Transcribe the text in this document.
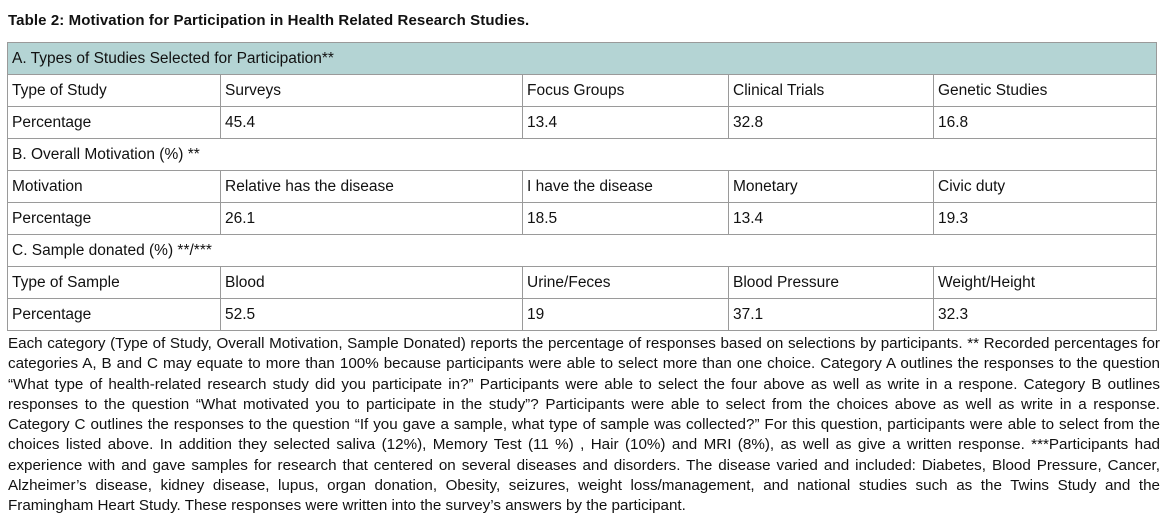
Table 2: Motivation for Participation in Health Related Research Studies.
A. Types of Studies Selected for Participation**				
Type of Study	Surveys	Focus Groups	Clinical Trials	Genetic Studies
Percentage	45.4	13.4	32.8	16.8
B. Overall Motivation (%) **				
Motivation	Relative has the disease	I have the disease	Monetary	Civic duty
Percentage	26.1	18.5	13.4	19.3
C. Sample donated (%) **/***				
Type of Sample	Blood	Urine/Feces	Blood Pressure	Weight/Height
Percentage	52.5	19	37.1	32.3
Each category (Type of Study, Overall Motivation, Sample Donated) reports the percentage of responses based on selections by participants. ** Recorded percentages for categories A, B and C may equate to more than 100% because participants were able to select more than one choice. Category A outlines the responses to the question “What type of health-related research study did you participate in?” Participants were able to select the four above as well as write in a respone. Category B outlines responses to the question “What motivated you to participate in the study”? Participants were able to select from the choices above as well as write in a response. Category C outlines the responses to the question “If you gave a sample, what type of sample was collected?” For this question, participants were able to select from the choices listed above. In addition they selected saliva (12%), Memory Test (11 %) , Hair (10%) and MRI (8%), as well as give a written response. ***Participants had experience with and gave samples for research that centered on several diseases and disorders. The disease varied and included: Diabetes, Blood Pressure, Cancer, Alzheimer’s disease, kidney disease, lupus, organ donation, Obesity, seizures, weight loss/management, and national studies such as the Twins Study and the Framingham Heart Study. These responses were written into the survey’s answers by the participant.
